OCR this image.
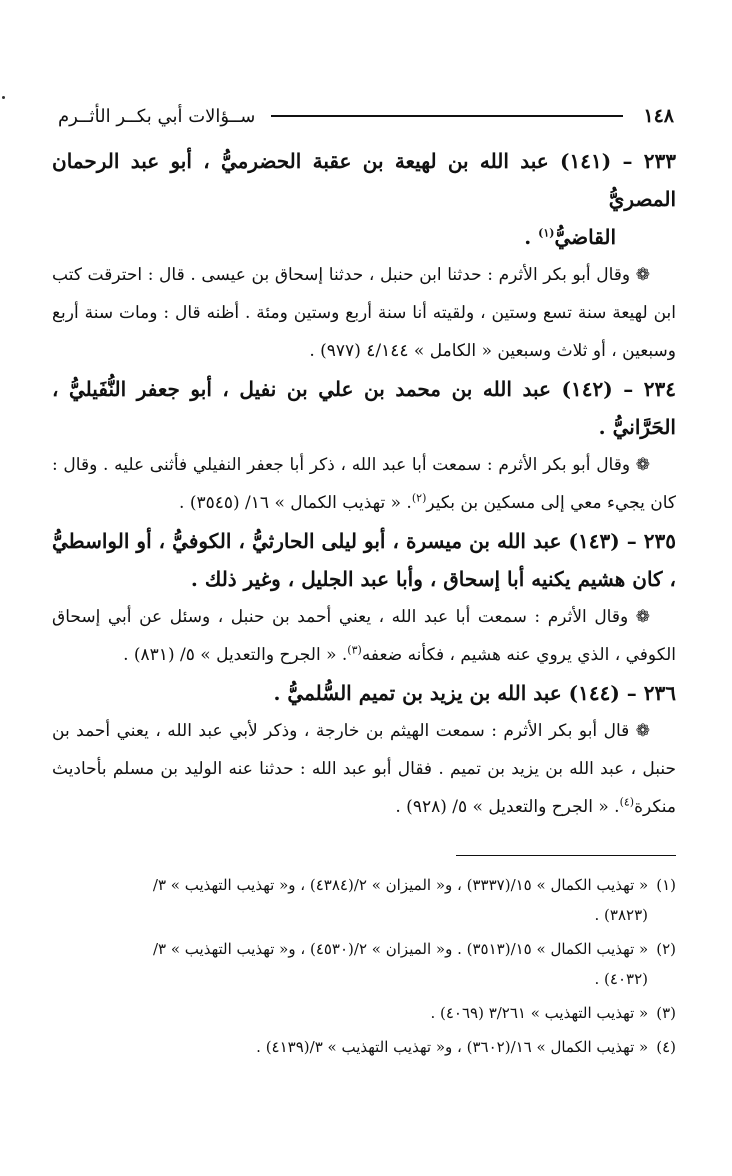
١٤٨
ســؤالات أبي بكــر الأثــرم

٢٣٣ – (١٤١) عبد الله بن لهيعة بن عقبة الحضرميُّ ، أبو عبد الرحمان المصريُّ
القاضيُّ$^{(١)}$ .

❁ وقال أبو بكر الأثرم : حدثنا ابن حنبل ، حدثنا إسحاق بن عيسى . قال : احترقت كتب ابن لهيعة سنة تسع وستين ، ولقيته أنا سنة أربع وستين ومئة . أظنه قال : ومات سنة أربع وسبعين ، أو ثلاث وسبعين « الكامل » ٤/١٤٤ (٩٧٧) .

٢٣٤ – (١٤٢) عبد الله بن محمد بن علي بن نفيل ، أبو جعفر النُّفَيليُّ ، الحَرَّانيُّ .

❁ وقال أبو بكر الأثرم : سمعت أبا عبد الله ، ذكر أبا جعفر النفيلي فأثنى عليه . وقال : كان يجيء معي إلى مسكين بن بكير$^{(٢)}$. « تهذيب الكمال » ١٦/ (٣٥٤٥) .

٢٣٥ – (١٤٣) عبد الله بن ميسرة ، أبو ليلى الحارثيُّ ، الكوفيُّ ، أو الواسطيُّ ، كان هشيم يكنيه أبا إسحاق ، وأبا عبد الجليل ، وغير ذلك .

❁ وقال الأثرم : سمعت أبا عبد الله ، يعني أحمد بن حنبل ، وسئل عن أبي إسحاق الكوفي ، الذي يروي عنه هشيم ، فكأنه ضعفه$^{(٣)}$. « الجرح والتعديل » ٥/ (٨٣١) .

٢٣٦ – (١٤٤) عبد الله بن يزيد بن تميم السُّلميُّ .

❁ قال أبو بكر الأثرم : سمعت الهيثم بن خارجة ، وذكر لأبي عبد الله ، يعني أحمد بن حنبل ، عبد الله بن يزيد بن تميم . فقال أبو عبد الله : حدثنا عنه الوليد بن مسلم بأحاديث منكرة$^{(٤)}$. « الجرح والتعديل » ٥/ (٩٢٨) .

(١)« تهذيب الكمال » ١٥/(٣٣٣٧) ، و« الميزان » ٢/(٤٣٨٤) ، و« تهذيب التهذيب » ٣/
(٣٨٢٣) .

(٢)« تهذيب الكمال » ١٥/(٣٥١٣) . و« الميزان » ٢/(٤٥٣٠) ، و« تهذيب التهذيب » ٣/
(٤٠٣٢) .

(٣)« تهذيب التهذيب » ٣/٢٦١ (٤٠٦٩) .

(٤)« تهذيب الكمال » ١٦/(٣٦٠٢) ، و« تهذيب التهذيب » ٣/(٤١٣٩) .
